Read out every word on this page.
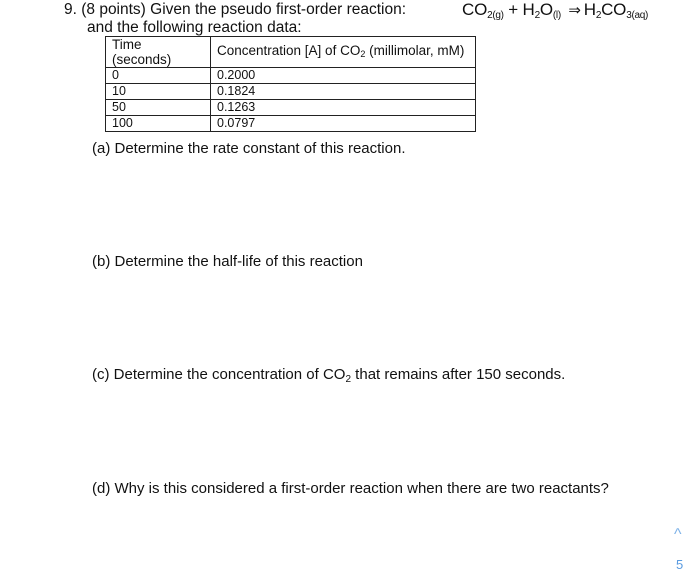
9. (8 points) Given the pseudo first-order reaction:
and the following reaction data:
$CO_{2(g)} + H_2O_{(l)}$ ⇒ $H_2CO_{3(aq)}$
Time (seconds)	Concentration [A] of $CO_2$ (millimolar, mM)
0	0.2000
10	0.1824
50	0.1263
100	0.0797
(a) Determine the rate constant of this reaction.
(b) Determine the half-life of this reaction
(c) Determine the concentration of $CO_2$ that remains after 150 seconds.
(d) Why is this considered a first-order reaction when there are two reactants?
^
5
